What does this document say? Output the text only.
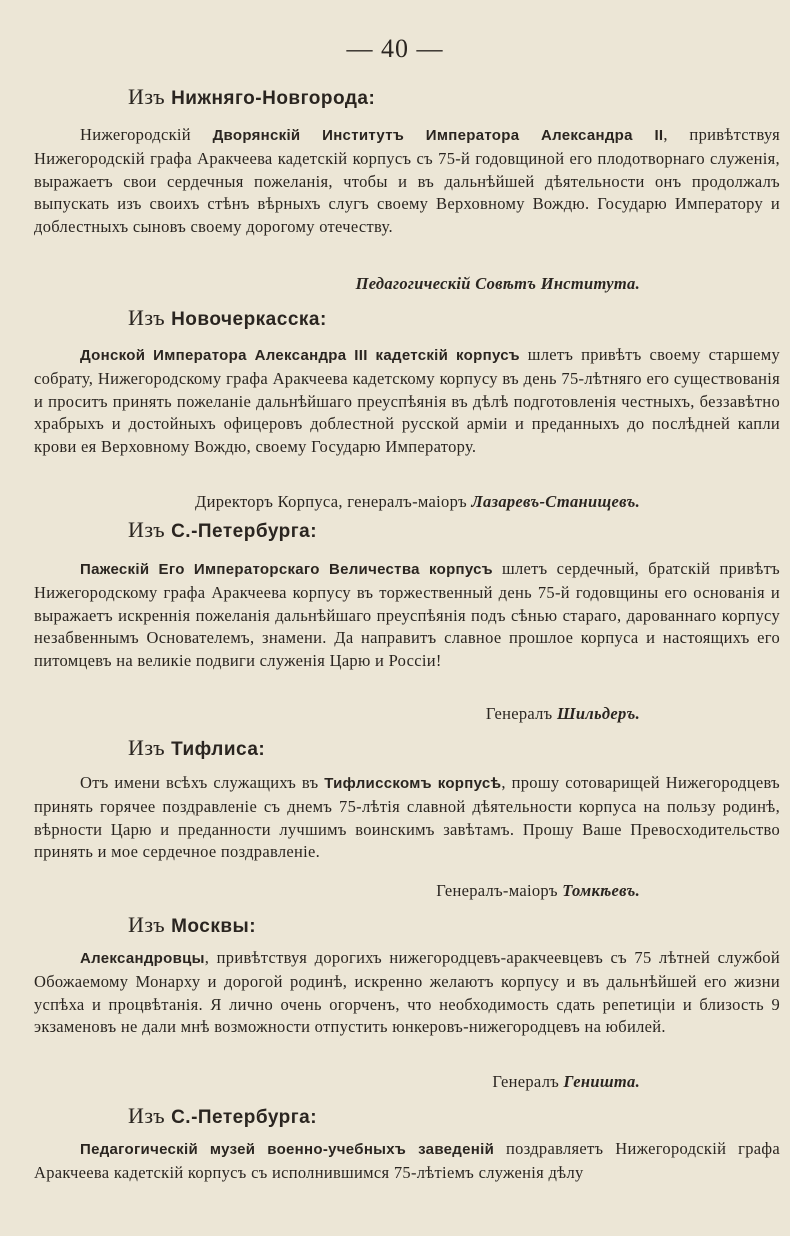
— 40 —
Изъ Нижняго-Новгорода:
Нижегородскій Дворянскій Институтъ Императора Александра II, привѣтствуя Нижегородскій графа Аракчеева кадетскій корпусъ съ 75-й годовщиной его плодотворнаго служенія, выражаетъ свои сердечныя пожеланія, чтобы и въ дальнѣйшей дѣятельности онъ продолжалъ выпускать изъ своихъ стѣнъ вѣрныхъ слугъ своему Верховному Вождю. Государю Императору и доблестныхъ сыновъ своему дорогому отечеству.
Педагогическій Совѣтъ Института.
Изъ Новочеркасска:
Донской Императора Александра III кадетскій корпусъ шлетъ привѣтъ своему старшему собрату, Нижегородскому графа Аракчеева кадетскому корпусу въ день 75-лѣтняго его существованія и проситъ принять пожеланіе дальнѣйшаго преуспѣянія въ дѣлѣ подготовленія честныхъ, беззавѣтно храбрыхъ и достойныхъ офицеровъ доблестной русской арміи и преданныхъ до послѣдней капли крови ея Верховному Вождю, своему Государю Императору.
Директоръ Корпуса, генералъ-маіоръ Лазаревъ-Станищевъ.
Изъ С.-Петербурга:
Пажескій Его Императорскаго Величества корпусъ шлетъ сердечный, братскій привѣтъ Нижегородскому графа Аракчеева корпусу въ торжественный день 75-й годовщины его основанія и выражаетъ искреннія пожеланія дальнѣйшаго преуспѣянія подъ сѣнью стараго, дарованнаго корпусу незабвеннымъ Основателемъ, знамени. Да направитъ славное прошлое корпуса и настоящихъ его питомцевъ на великіе подвиги служенія Царю и Россіи!
Генералъ Шильдеръ.
Изъ Тифлиса:
Отъ имени всѣхъ служащихъ въ Тифлисскомъ корпусѣ, прошу сотоварищей Нижегородцевъ принять горячее поздравленіе съ днемъ 75-лѣтія славной дѣятельности корпуса на пользу родинѣ, вѣрности Царю и преданности лучшимъ воинскимъ завѣтамъ. Прошу Ваше Превосходительство принять и мое сердечное поздравленіе.
Генералъ-маіоръ Томкѣевъ.
Изъ Москвы:
Александровцы, привѣтствуя дорогихъ нижегородцевъ-аракчеевцевъ съ 75 лѣтней службой Обожаемому Монарху и дорогой родинѣ, искренно желаютъ корпусу и въ дальнѣйшей его жизни успѣха и процвѣтанія. Я лично очень огорченъ, что необходимость сдать репетиціи и близость 9 экзаменовъ не дали мнѣ возможности отпустить юнкеровъ-нижегородцевъ на юбилей.
Генералъ Геништа.
Изъ С.-Петербурга:
Педагогическій музей военно-учебныхъ заведеній поздравляетъ Нижегородскій графа Аракчеева кадетскій корпусъ съ исполнившимся 75-лѣтіемъ служенія дѣлу
